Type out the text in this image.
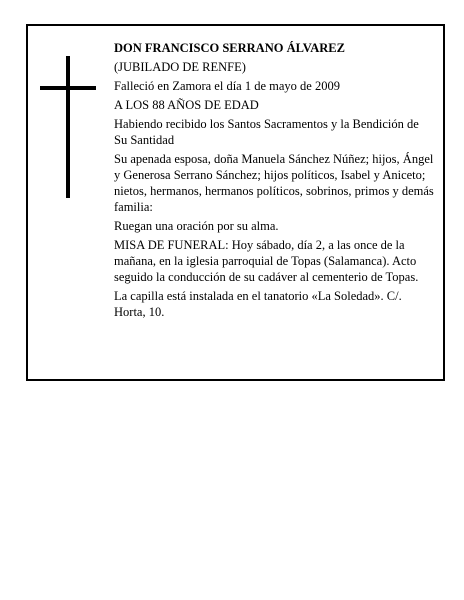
DON FRANCISCO SERRANO ÁLVAREZ

(JUBILADO DE RENFE)

Falleció en Zamora el día 1 de mayo de 2009

A LOS 88 AÑOS DE EDAD

Habiendo recibido los Santos Sacramentos y la Bendición de Su Santidad

Su apenada esposa, doña Manuela Sánchez Núñez; hijos, Ángel y Generosa Serrano Sánchez; hijos políticos, Isabel y Aniceto; nietos, hermanos, hermanos políticos, sobrinos, primos y demás familia:

Ruegan una oración por su alma.

MISA DE FUNERAL: Hoy sábado, día 2, a las once de la mañana, en la iglesia parroquial de Topas (Salamanca). Acto seguido la conducción de su cadáver al cementerio de Topas.

La capilla está instalada en el tanatorio «La Soledad». C/. Horta, 10.
